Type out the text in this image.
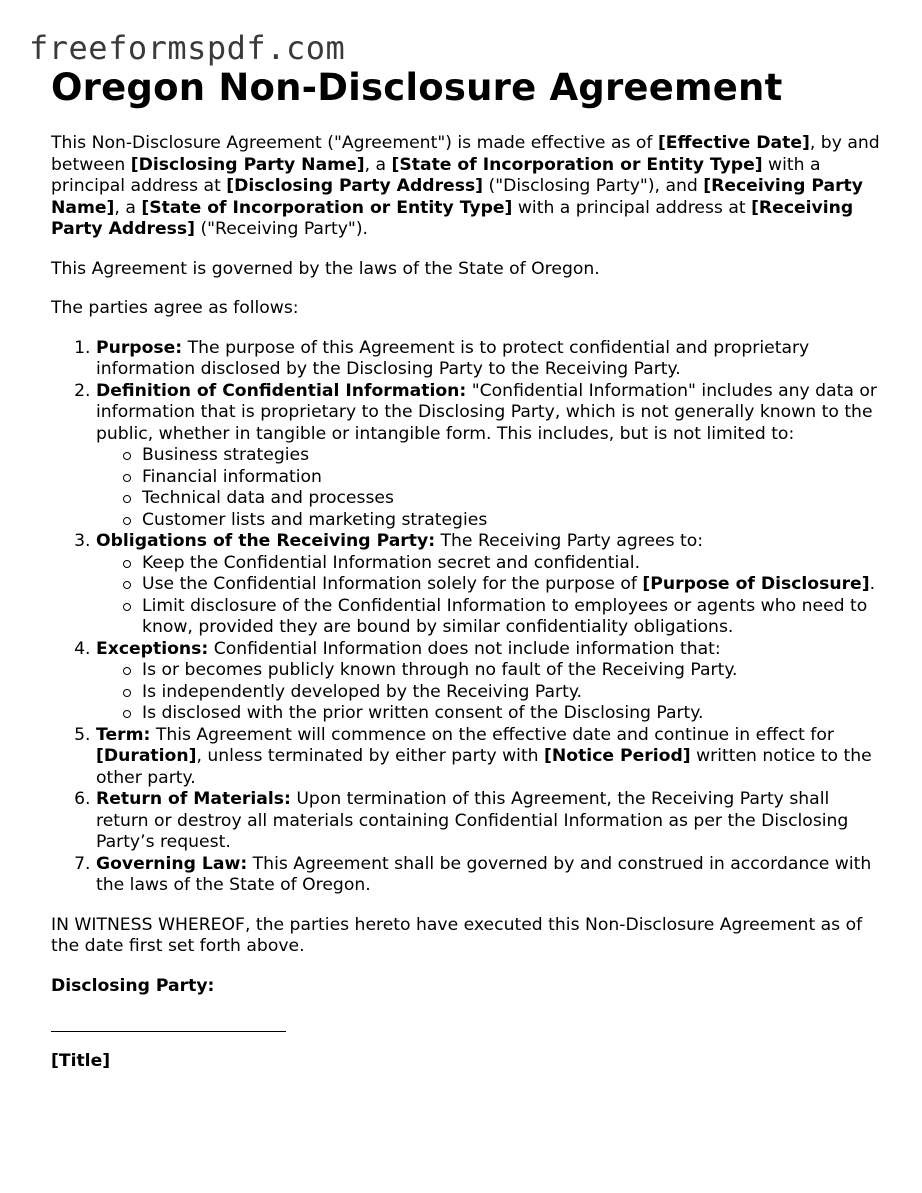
freeformspdf.com
Oregon Non-Disclosure Agreement

This Non-Disclosure Agreement ("Agreement") is made effective as of [Effective Date], by and between [Disclosing Party Name], a [State of Incorporation or Entity Type] with a principal address at [Disclosing Party Address] ("Disclosing Party"), and [Receiving Party Name], a [State of Incorporation or Entity Type] with a principal address at [Receiving Party Address] ("Receiving Party").

This Agreement is governed by the laws of the State of Oregon.

The parties agree as follows:

1. Purpose: The purpose of this Agreement is to protect confidential and proprietary information disclosed by the Disclosing Party to the Receiving Party.
2. Definition of Confidential Information: "Confidential Information" includes any data or information that is proprietary to the Disclosing Party, which is not generally known to the public, whether in tangible or intangible form. This includes, but is not limited to:
Business strategies
Financial information
Technical data and processes
Customer lists and marketing strategies
3. Obligations of the Receiving Party: The Receiving Party agrees to:
Keep the Confidential Information secret and confidential.
Use the Confidential Information solely for the purpose of [Purpose of Disclosure].
Limit disclosure of the Confidential Information to employees or agents who need to know, provided they are bound by similar confidentiality obligations.
4. Exceptions: Confidential Information does not include information that:
Is or becomes publicly known through no fault of the Receiving Party.
Is independently developed by the Receiving Party.
Is disclosed with the prior written consent of the Disclosing Party.
5. Term: This Agreement will commence on the effective date and continue in effect for [Duration], unless terminated by either party with [Notice Period] written notice to the other party.
6. Return of Materials: Upon termination of this Agreement, the Receiving Party shall return or destroy all materials containing Confidential Information as per the Disclosing Party’s request.
7. Governing Law: This Agreement shall be governed by and construed in accordance with the laws of the State of Oregon.

IN WITNESS WHEREOF, the parties hereto have executed this Non-Disclosure Agreement as of the date first set forth above.

Disclosing Party:

[Title]
